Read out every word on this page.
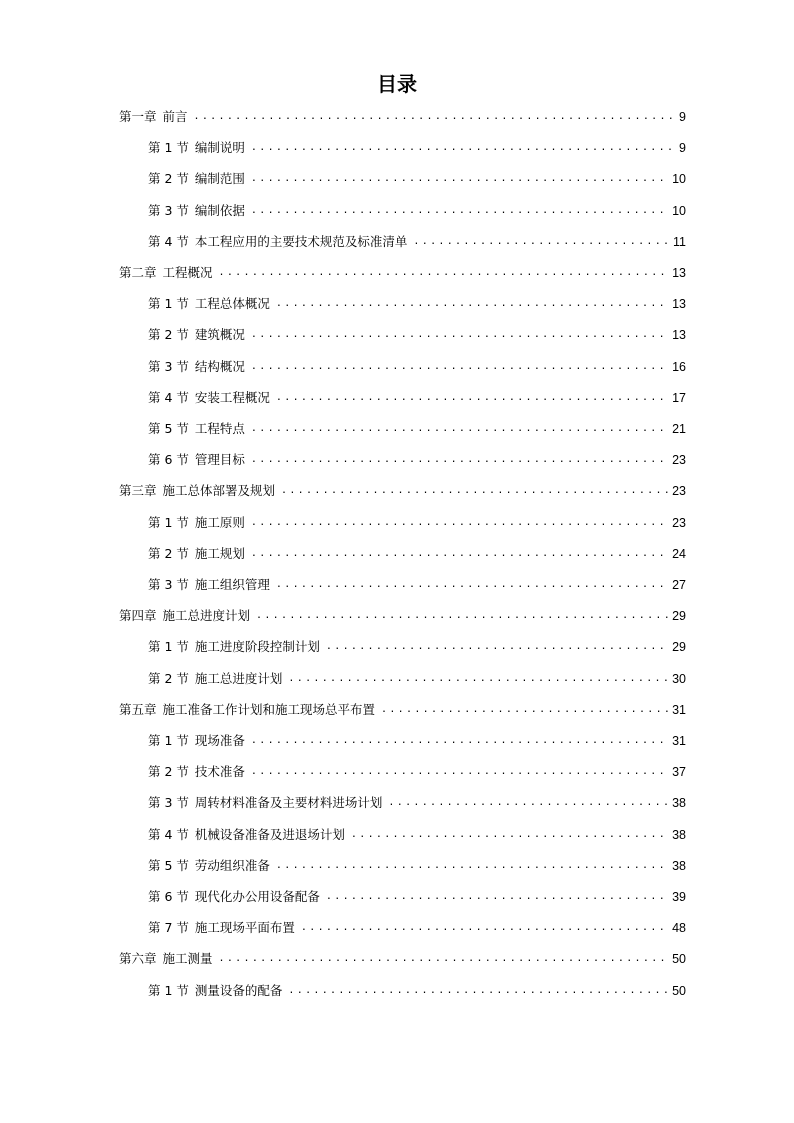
目录
第一章 前言 .....	9
第 1 节 编制说明 .....	9
第 2 节 编制范围 .....	10
第 3 节 编制依据 .....	10
第 4 节 本工程应用的主要技术规范及标准清单 .....	11
第二章 工程概况 .....	13
第 1 节 工程总体概况 .....	13
第 2 节 建筑概况 .....	13
第 3 节 结构概况 .....	16
第 4 节 安装工程概况 .....	17
第 5 节 工程特点 .....	21
第 6 节 管理目标 .....	23
第三章 施工总体部署及规划 .....	23
第 1 节 施工原则 .....	23
第 2 节 施工规划 .....	24
第 3 节 施工组织管理 .....	27
第四章 施工总进度计划 .....	29
第 1 节 施工进度阶段控制计划 .....	29
第 2 节 施工总进度计划 .....	30
第五章 施工准备工作计划和施工现场总平布置 .....	31
第 1 节 现场准备 .....	31
第 2 节 技术准备 .....	37
第 3 节 周转材料准备及主要材料进场计划 .....	38
第 4 节 机械设备准备及进退场计划 .....	38
第 5 节 劳动组织准备 .....	38
第 6 节 现代化办公用设备配备 .....	39
第 7 节 施工现场平面布置 .....	48
第六章 施工测量 .....	50
第 1 节 测量设备的配备 .....	50
